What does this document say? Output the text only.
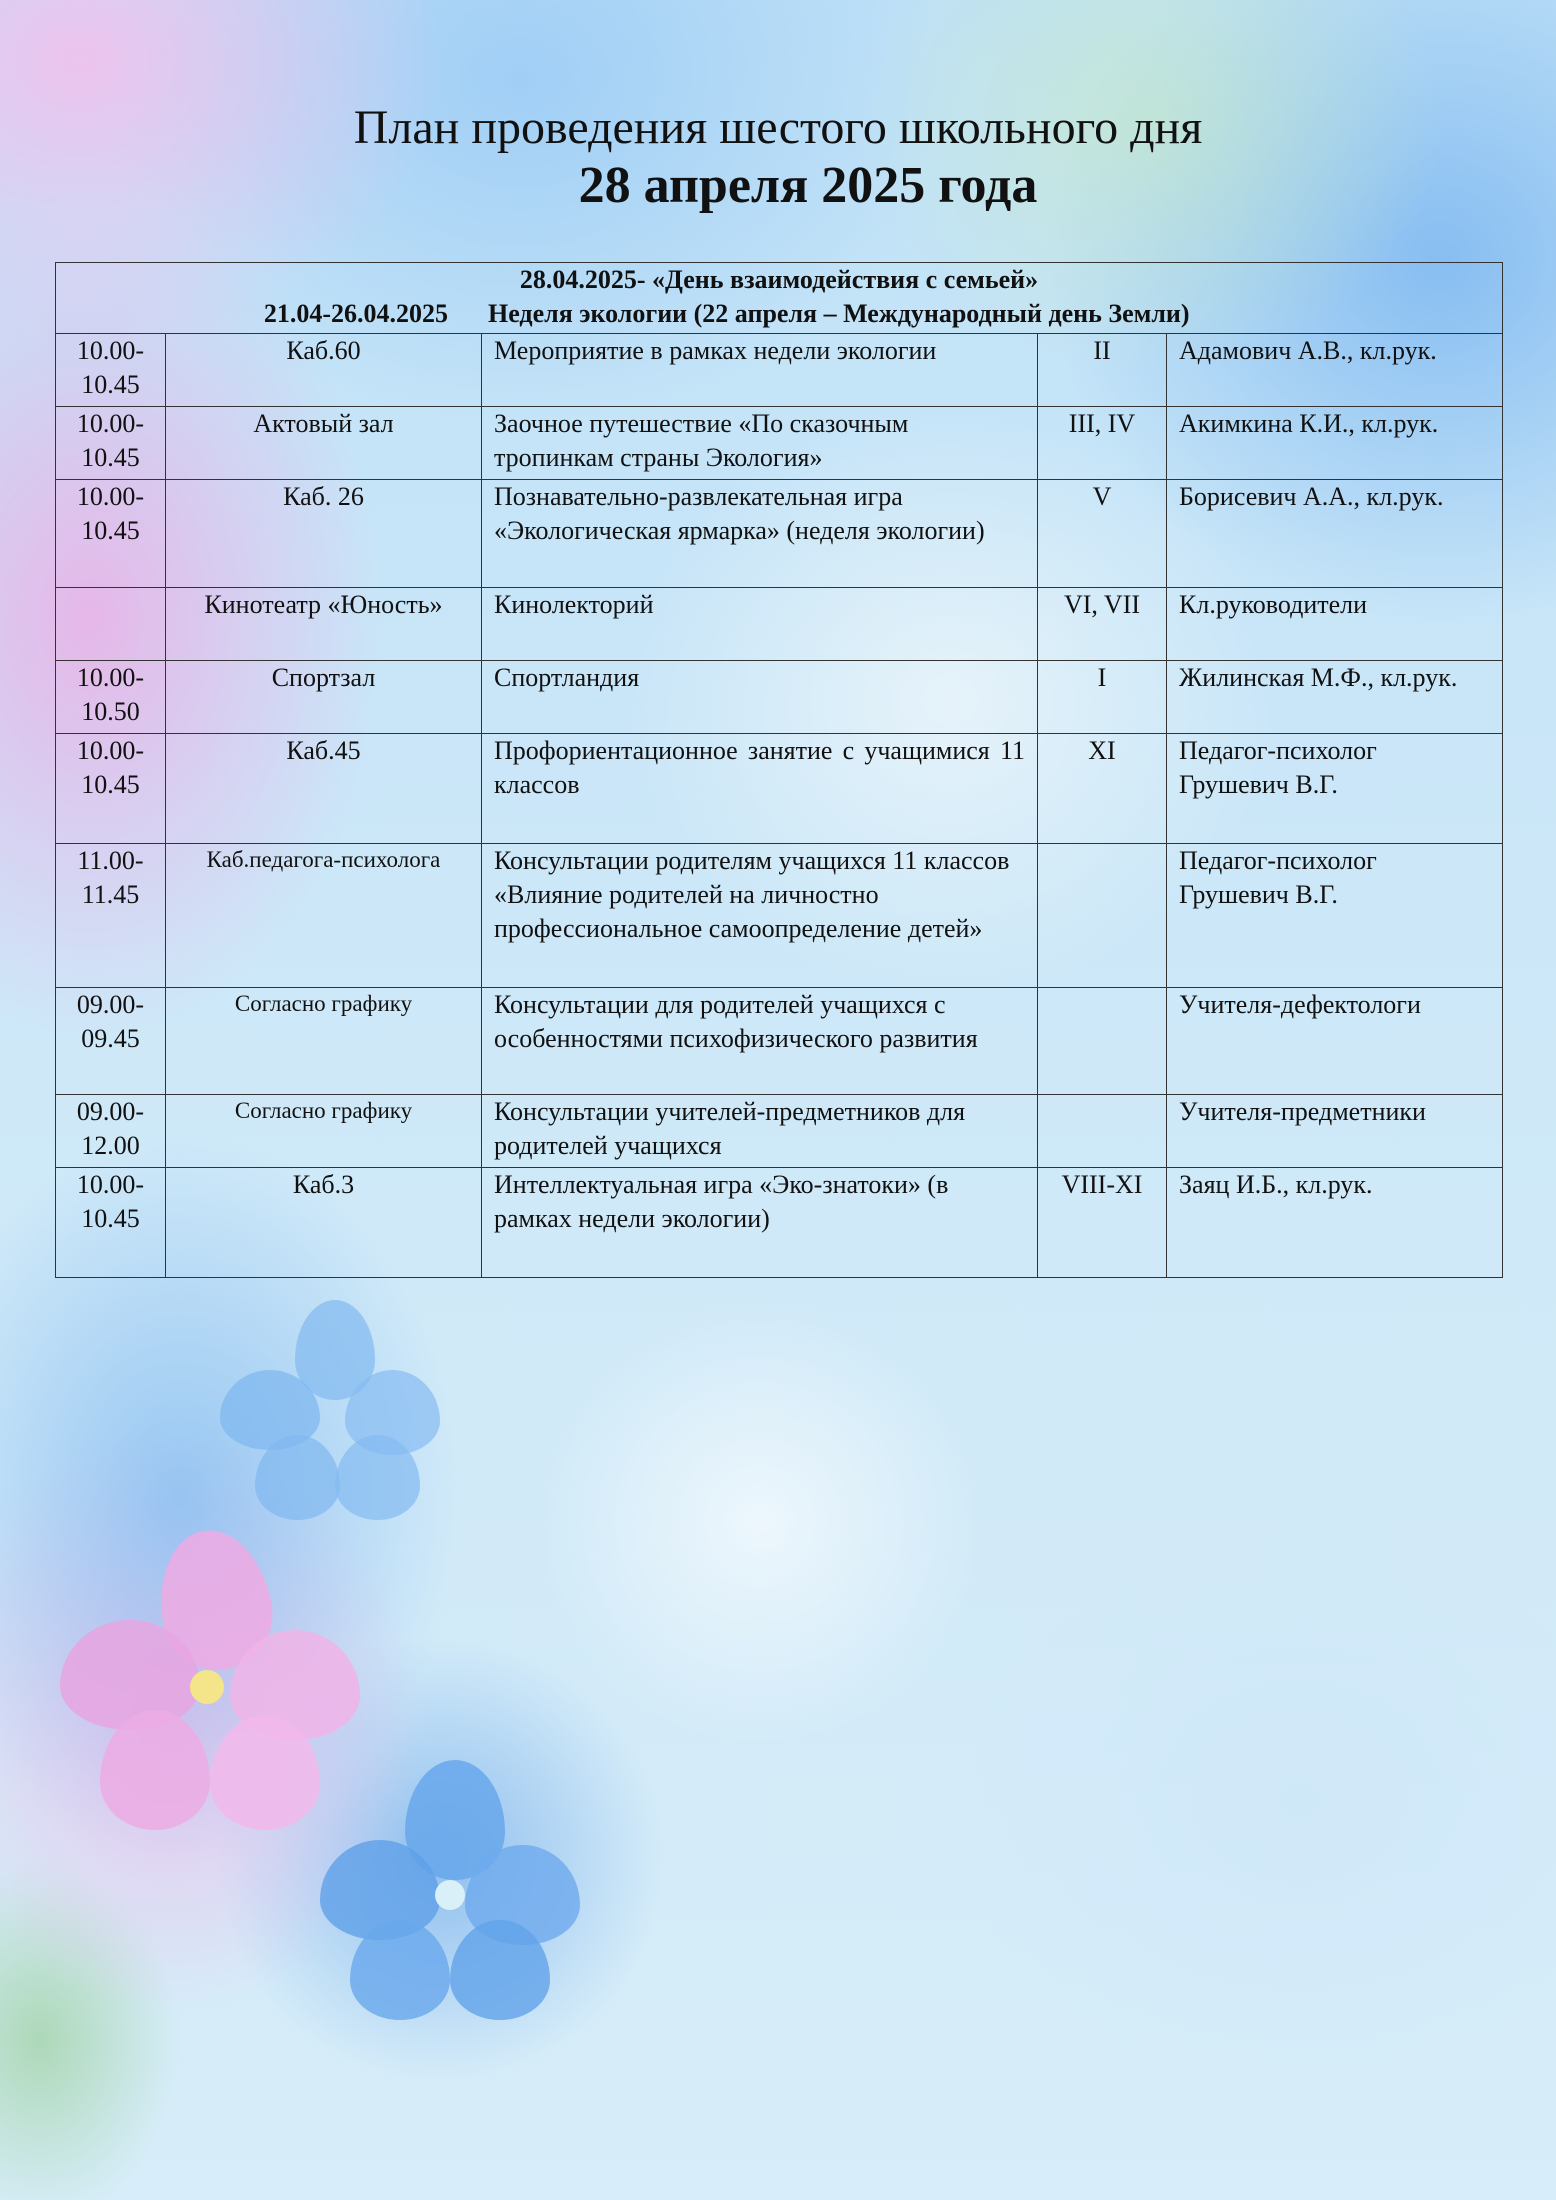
План проведения шестого школьного дня
28 апреля 2025 года
28.04.2025- «День взаимодействия с семьей»
21.04-26.04.2025 Неделя экологии (22 апреля – Международный день Земли)				

10.00-10.45	Каб.60	Мероприятие в рамках недели экологии	II	Адамович А.В., кл.рук.
10.00-10.45	Актовый зал	Заочное путешествие «По сказочным тропинкам страны Экология»	III, IV	Акимкина К.И., кл.рук.
10.00-10.45	Каб. 26	Познавательно-развлекательная игра «Экологическая ярмарка» (неделя экологии)	V	Борисевич А.А., кл.рук.
	Кинотеатр «Юность»	Кинолекторий	VI, VII	Кл.руководители
10.00-10.50	Спортзал	Спортландия	I	Жилинская М.Ф., кл.рук.
10.00-10.45	Каб.45	Профориентационное занятие с учащимися 11 классов	XI	Педагог-психолог Грушевич В.Г.
11.00-11.45	Каб.педагога-психолога	Консультации родителям учащихся 11 классов «Влияние родителей на личностно профессиональное самоопределение детей»		Педагог-психолог Грушевич В.Г.
09.00-09.45	Согласно графику	Консультации для родителей учащихся с особенностями психофизического развития		Учителя-дефектологи
09.00-12.00	Согласно графику	Консультации учителей-предметников для родителей учащихся		Учителя-предметники
10.00-10.45	Каб.3	Интеллектуальная игра «Эко-знатоки» (в рамках недели экологии)	VIII-XI	Заяц И.Б., кл.рук.
